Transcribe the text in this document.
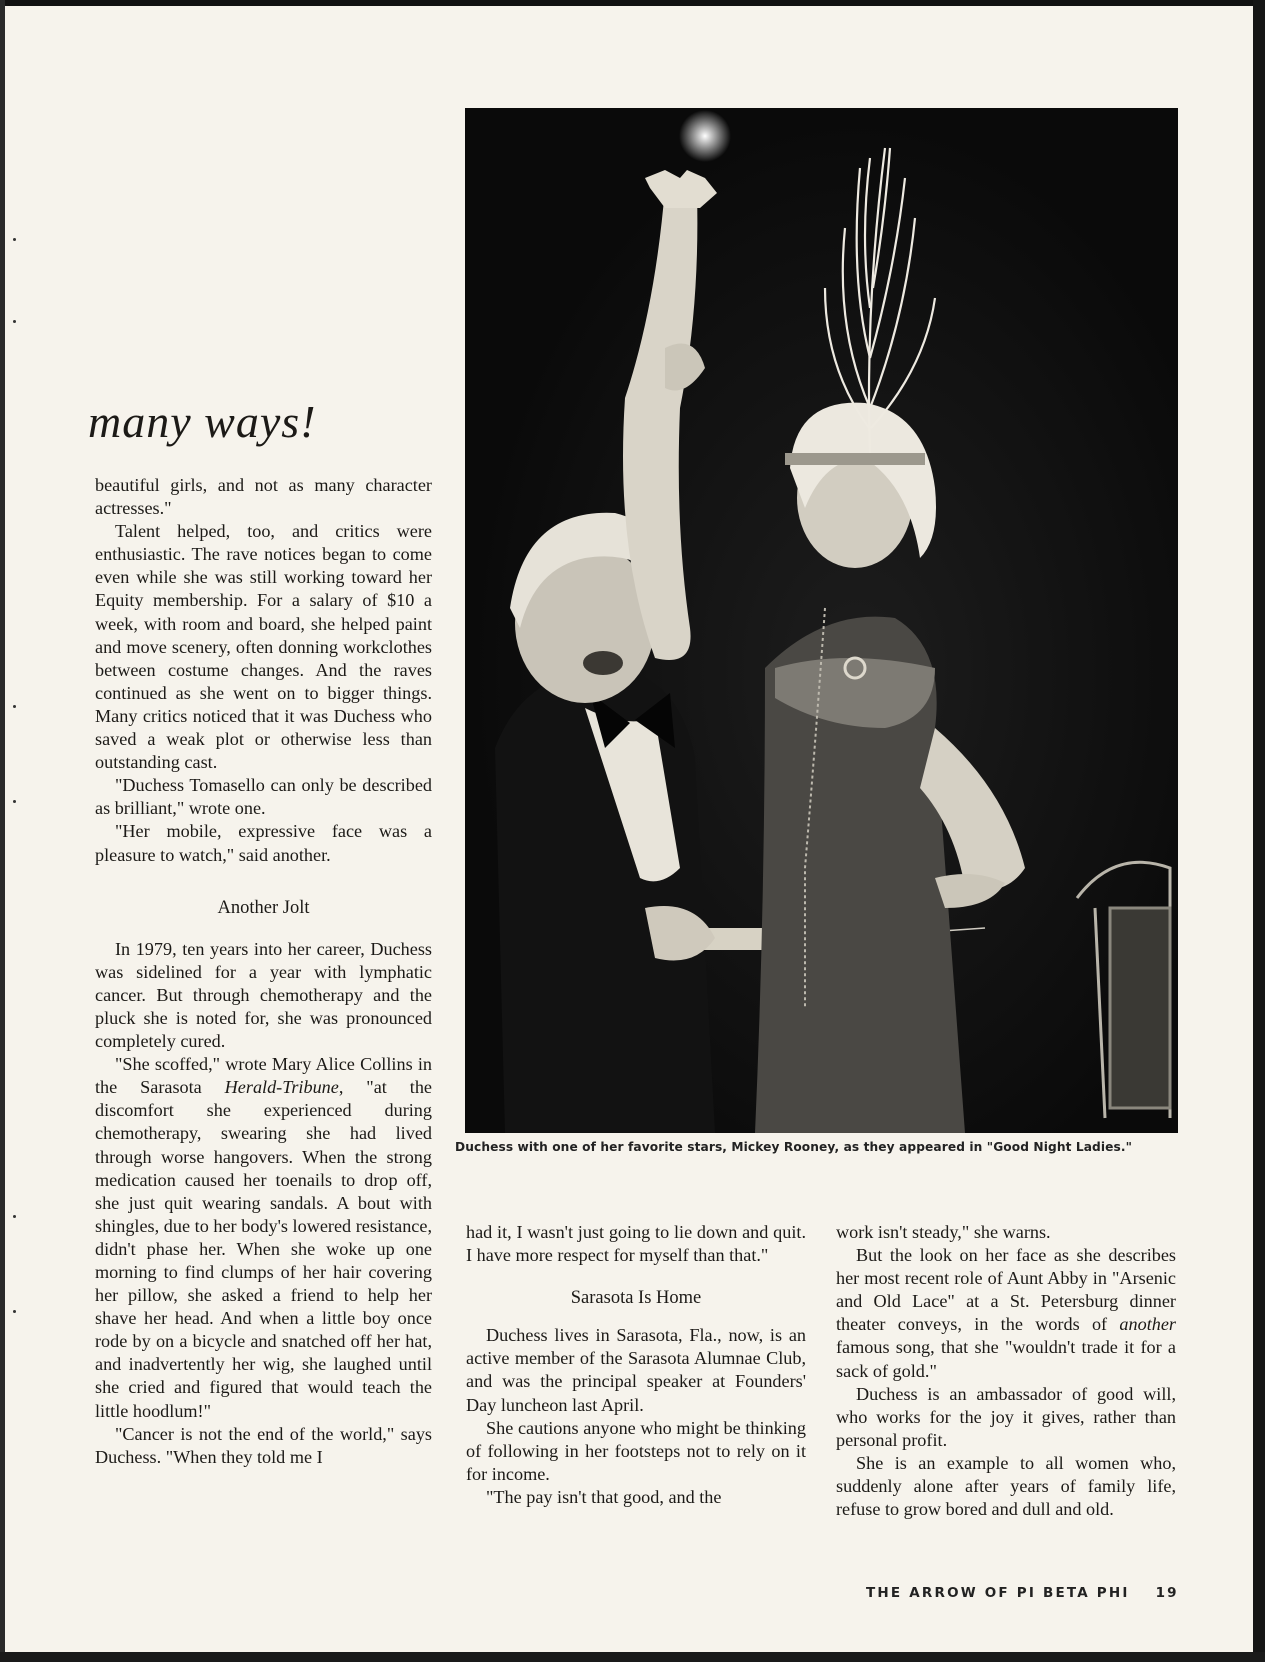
many ways!

beautiful girls, and not as many character actresses."

Talent helped, too, and critics were enthusiastic. The rave notices began to come even while she was still working toward her Equity membership. For a salary of $10 a week, with room and board, she helped paint and move scenery, often donning workclothes between costume changes. And the raves continued as she went on to bigger things. Many critics noticed that it was Duchess who saved a weak plot or otherwise less than outstanding cast.

"Duchess Tomasello can only be described as brilliant," wrote one.

"Her mobile, expressive face was a pleasure to watch," said another.

Another Jolt

In 1979, ten years into her career, Duchess was sidelined for a year with lymphatic cancer. But through chemotherapy and the pluck she is noted for, she was pronounced completely cured.

"She scoffed," wrote Mary Alice Collins in the Sarasota Herald-Tribune, "at the discomfort she experienced during chemotherapy, swearing she had lived through worse hangovers. When the strong medication caused her toenails to drop off, she just quit wearing sandals. A bout with shingles, due to her body's lowered resistance, didn't phase her. When she woke up one morning to find clumps of her hair covering her pillow, she asked a friend to help her shave her head. And when a little boy once rode by on a bicycle and snatched off her hat, and inadvertently her wig, she laughed until she cried and figured that would teach the little hoodlum!"

"Cancer is not the end of the world," says Duchess. "When they told me I

Duchess with one of her favorite stars, Mickey Rooney, as they appeared in "Good Night Ladies."

had it, I wasn't just going to lie down and quit. I have more respect for myself than that."

Sarasota Is Home

Duchess lives in Sarasota, Fla., now, is an active member of the Sarasota Alumnae Club, and was the principal speaker at Founders' Day luncheon last April.

She cautions anyone who might be thinking of following in her footsteps not to rely on it for income.

"The pay isn't that good, and the

work isn't steady," she warns.

But the look on her face as she describes her most recent role of Aunt Abby in "Arsenic and Old Lace" at a St. Petersburg dinner theater conveys, in the words of another famous song, that she "wouldn't trade it for a sack of gold."

Duchess is an ambassador of good will, who works for the joy it gives, rather than personal profit.

She is an example to all women who, suddenly alone after years of family life, refuse to grow bored and dull and old.

THE ARROW OF PI BETA PHI 19
